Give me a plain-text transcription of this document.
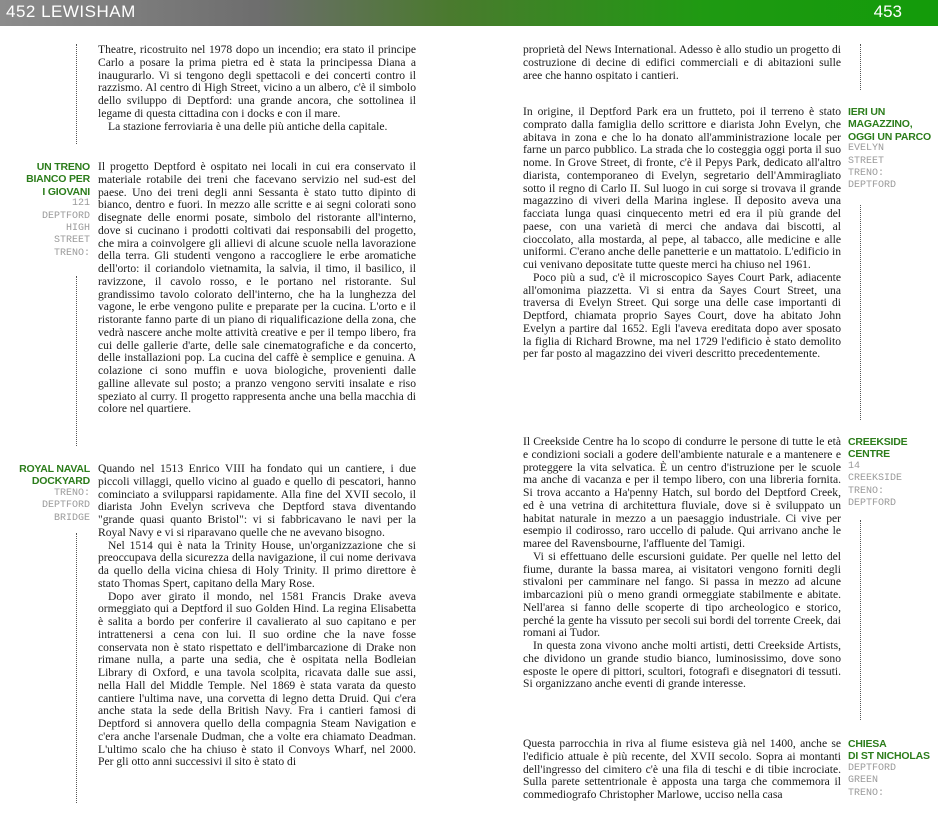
452 LEWISHAM	453

Theatre, ricostruito nel 1978 dopo un incendio; era stato il principe Carlo a posare la prima pietra ed è stata la principessa Diana a inaugurarlo. Vi si tengono degli spettacoli e dei concerti contro il razzismo. Al centro di High Street, vicino a un albero, c'è il simbolo dello sviluppo di Deptford: una grande ancora, che sottolinea il legame di questa cittadina con i docks e con il mare.

La stazione ferroviaria è una delle più antiche della capitale.

UN TRENO
BIANCO PER
I GIOVANI
121
DEPTFORD
HIGH
STREET
TRENO:

Il progetto Deptford è ospitato nei locali in cui era conservato il materiale rotabile dei treni che facevano servizio nel sud-est del paese. Uno dei treni degli anni Sessanta è stato tutto dipinto di bianco, dentro e fuori. In mezzo alle scritte e ai segni colorati sono disegnate delle enormi posate, simbolo del ristorante all'interno, dove si cucinano i prodotti coltivati dai responsabili del progetto, che mira a coinvolgere gli allievi di alcune scuole nella lavorazione della terra. Gli studenti vengono a raccogliere le erbe aromatiche dell'orto: il coriandolo vietnamita, la salvia, il timo, il basilico, il ravizzone, il cavolo rosso, e le portano nel ristorante. Sul grandissimo tavolo colorato dell'interno, che ha la lunghezza del vagone, le erbe vengono pulite e preparate per la cucina. L'orto e il ristorante fanno parte di un piano di riqualificazione della zona, che vedrà nascere anche molte attività creative e per il tempo libero, fra cui delle gallerie d'arte, delle sale cinematografiche e da concerto, delle installazioni pop. La cucina del caffè è semplice e genuina. A colazione ci sono muffin e uova biologiche, provenienti dalle galline allevate sul posto; a pranzo vengono serviti insalate e riso speziato al curry. Il progetto rappresenta anche una bella macchia di colore nel quartiere.

ROYAL NAVAL
DOCKYARD
TRENO:
DEPTFORD
BRIDGE

Quando nel 1513 Enrico VIII ha fondato qui un cantiere, i due piccoli villaggi, quello vicino al guado e quello di pescatori, hanno cominciato a svilupparsi rapidamente. Alla fine del XVII secolo, il diarista John Evelyn scriveva che Deptford stava diventando "grande quasi quanto Bristol": vi si fabbricavano le navi per la Royal Navy e vi si riparavano quelle che ne avevano bisogno.

Nel 1514 qui è nata la Trinity House, un'organizzazione che si preoccupava della sicurezza della navigazione, il cui nome derivava da quello della vicina chiesa di Holy Trinity. Il primo direttore è stato Thomas Spert, capitano della Mary Rose.

Dopo aver girato il mondo, nel 1581 Francis Drake aveva ormeggiato qui a Deptford il suo Golden Hind. La regina Elisabetta è salita a bordo per conferire il cavalierato al suo capitano e per intrattenersi a cena con lui. Il suo ordine che la nave fosse conservata non è stato rispettato e dell'imbarcazione di Drake non rimane nulla, a parte una sedia, che è ospitata nella Bodleian Library di Oxford, e una tavola scolpita, ricavata dalle sue assi, nella Hall del Middle Temple. Nel 1869 è stata varata da questo cantiere l'ultima nave, una corvetta di legno detta Druid. Qui c'era anche stata la sede della British Navy. Fra i cantieri famosi di Deptford si annovera quello della compagnia Steam Navigation e c'era anche l'arsenale Dudman, che a volte era chiamato Deadman. L'ultimo scalo che ha chiuso è stato il Convoys Wharf, nel 2000. Per gli otto anni successivi il sito è stato di

proprietà del News International. Adesso è allo studio un progetto di costruzione di decine di edifici commerciali e di abitazioni sulle aree che hanno ospitato i cantieri.

IERI UN
MAGAZZINO,
OGGI UN PARCO
EVELYN
STREET
TRENO:
DEPTFORD

In origine, il Deptford Park era un frutteto, poi il terreno è stato comprato dalla famiglia dello scrittore e diarista John Evelyn, che abitava in zona e che lo ha donato all'amministrazione locale per farne un parco pubblico. La strada che lo costeggia oggi porta il suo nome. In Grove Street, di fronte, c'è il Pepys Park, dedicato all'altro diarista, contemporaneo di Evelyn, segretario dell'Ammiragliato sotto il regno di Carlo II. Sul luogo in cui sorge si trovava il grande magazzino di viveri della Marina inglese. Il deposito aveva una facciata lunga quasi cinquecento metri ed era il più grande del paese, con una varietà di merci che andava dai biscotti, al cioccolato, alla mostarda, al pepe, al tabacco, alle medicine e alle uniformi. C'erano anche delle panetterie e un mattatoio. L'edificio in cui venivano depositate tutte queste merci ha chiuso nel 1961.

Poco più a sud, c'è il microscopico Sayes Court Park, adiacente all'omonima piazzetta. Vi si entra da Sayes Court Street, una traversa di Evelyn Street. Qui sorge una delle case importanti di Deptford, chiamata proprio Sayes Court, dove ha abitato John Evelyn a partire dal 1652. Egli l'aveva ereditata dopo aver sposato la figlia di Richard Browne, ma nel 1729 l'edificio è stato demolito per far posto al magazzino dei viveri descritto precedentemente.

CREEKSIDE
CENTRE
14
CREEKSIDE
TRENO:
DEPTFORD

Il Creekside Centre ha lo scopo di condurre le persone di tutte le età e condizioni sociali a godere dell'ambiente naturale e a mantenere e proteggere la vita selvatica. È un centro d'istruzione per le scuole ma anche di vacanza e per il tempo libero, con una libreria fornita. Si trova accanto a Ha'penny Hatch, sul bordo del Deptford Creek, ed è una vetrina di architettura fluviale, dove si è sviluppato un habitat naturale in mezzo a un paesaggio industriale. Ci vive per esempio il codirosso, raro uccello di palude. Qui arrivano anche le maree del Ravensbourne, l'affluente del Tamigi.

Vi si effettuano delle escursioni guidate. Per quelle nel letto del fiume, durante la bassa marea, ai visitatori vengono forniti degli stivaloni per camminare nel fango. Si passa in mezzo ad alcune imbarcazioni più o meno grandi ormeggiate stabilmente e abitate. Nell'area si fanno delle scoperte di tipo archeologico e storico, perché la gente ha vissuto per secoli sui bordi del torrente Creek, dai romani ai Tudor.

In questa zona vivono anche molti artisti, detti Creekside Artists, che dividono un grande studio bianco, luminosissimo, dove sono esposte le opere di pittori, scultori, fotografi e disegnatori di tessuti. Si organizzano anche eventi di grande interesse.

CHIESA
DI ST NICHOLAS
DEPTFORD
GREEN
TRENO:

Questa parrocchia in riva al fiume esisteva già nel 1400, anche se l'edificio attuale è più recente, del XVII secolo. Sopra ai montanti dell'ingresso del cimitero c'è una fila di teschi e di tibie incrociate. Sulla parete settentrionale è apposta una targa che commemora il commediografo Christopher Marlowe, ucciso nella casa
